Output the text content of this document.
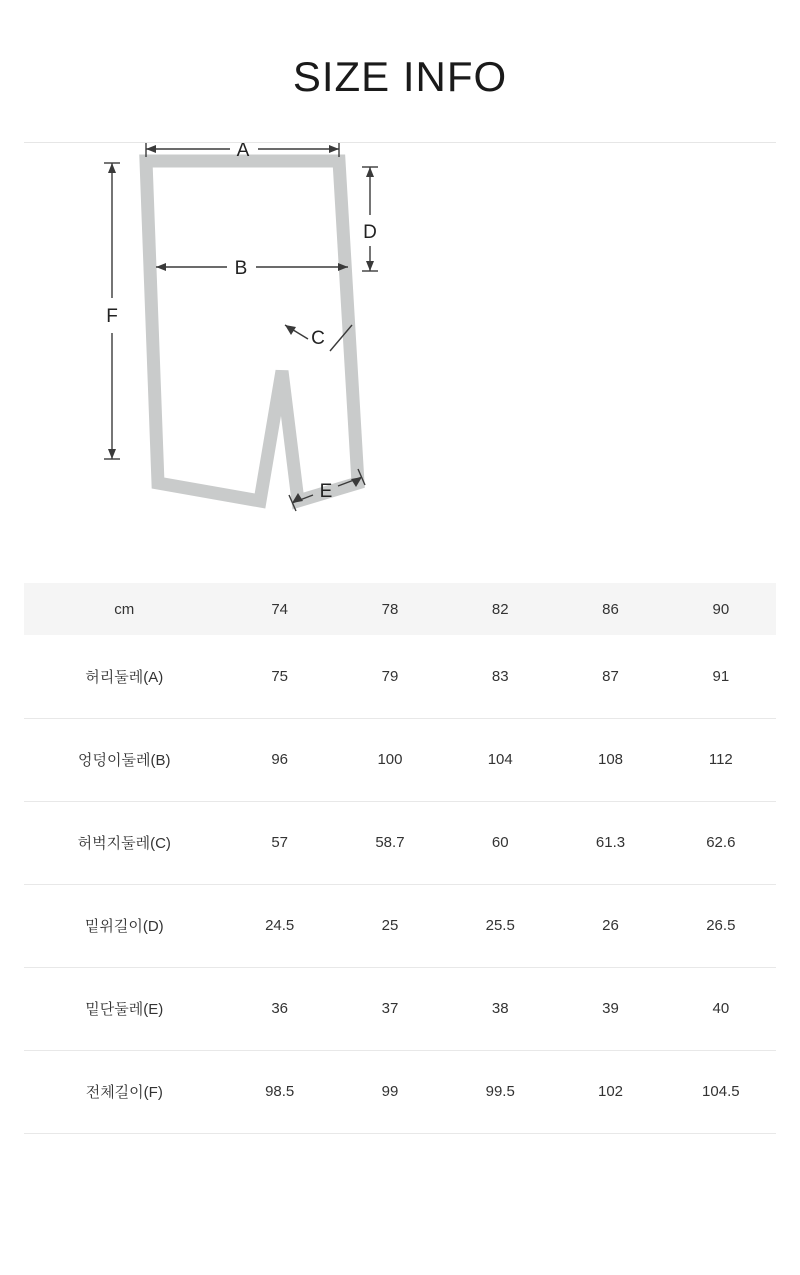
SIZE INFO
A
B
D
C
F
E
cm	74	78	82	86	90
허리둘레(A)	75	79	83	87	91
엉덩이둘레(B)	96	100	104	108	112
허벅지둘레(C)	57	58.7	60	61.3	62.6
밑위길이(D)	24.5	25	25.5	26	26.5
밑단둘레(E)	36	37	38	39	40
전체길이(F)	98.5	99	99.5	102	104.5
